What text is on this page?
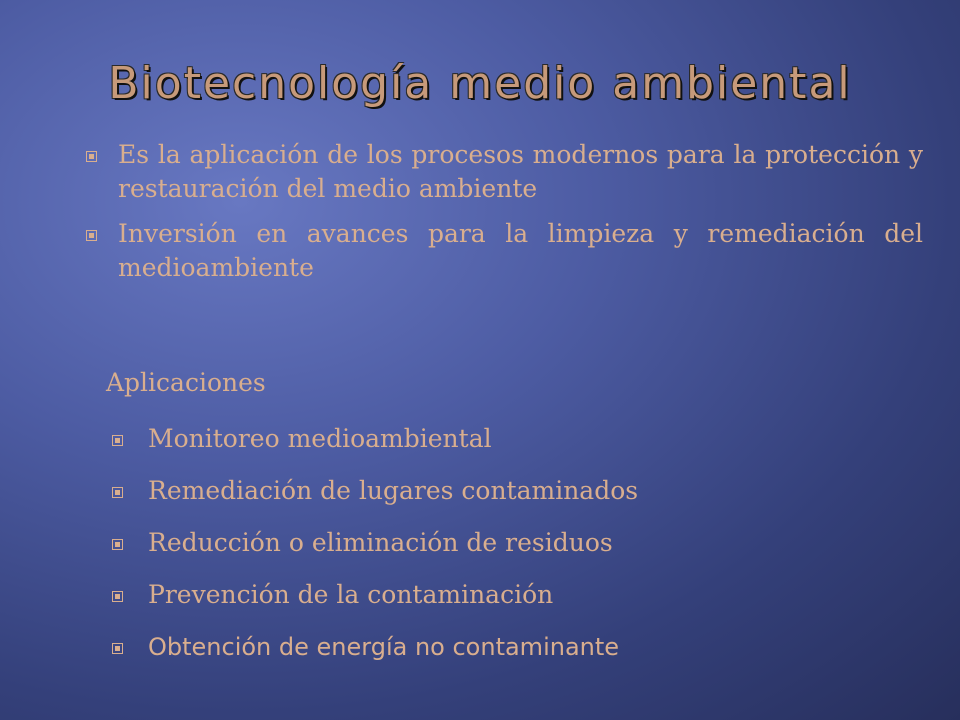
Biotecnología medio ambiental
Es la aplicación de los procesos modernos para la protección y restauración del medio ambiente
Inversión en avances para la limpieza y remediación del medioambiente
Aplicaciones
Monitoreo medioambiental
Remediación de lugares contaminados
Reducción o eliminación de residuos
Prevención de la contaminación
Obtención de energía no contaminante
